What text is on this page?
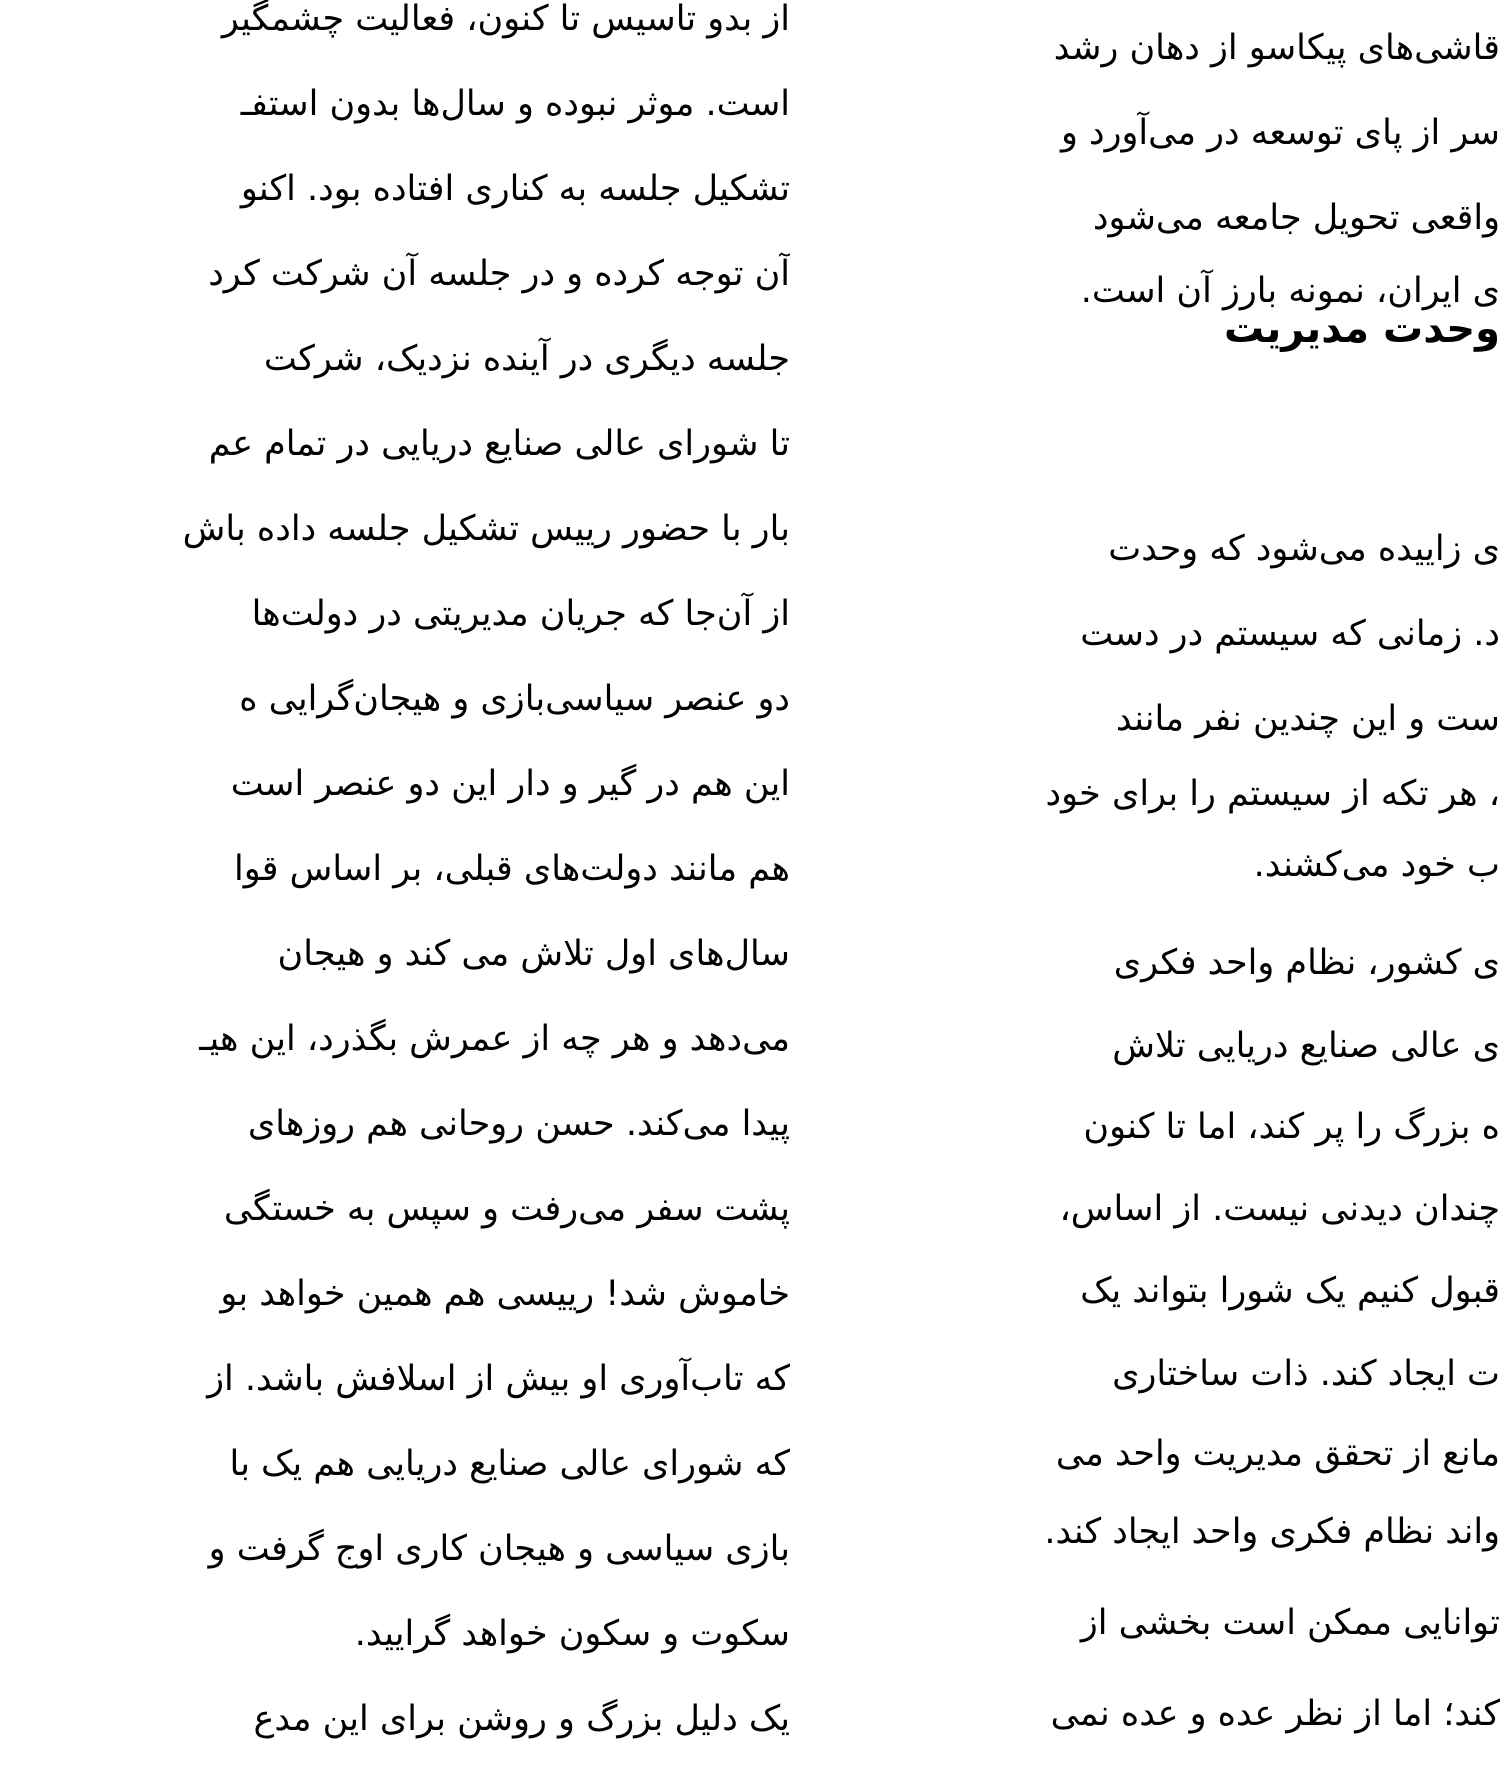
از بدو تاسیس تا کنون، فعالیت چشمگیر
است. موثر نبوده و سال‌ها بدون استفـ
تشکیل جلسه به کناری افتاده بود. اکنو
آن توجه کرده و در جلسه آن شرکت کرد
جلسه دیگری در آینده نزدیک، شرکت
تا شورای عالی صنایع دریایی در تمام عم
بار با حضور رییس تشکیل جلسه داده باش
از آن‌جا که جریان مدیریتی در دولت‌ها
دو عنصر سیاسی‌بازی و هیجان‌گرایی ه
این هم در گیر و دار این دو عنصر است
هم مانند دولت‌های قبلی، بر اساس قوا
سال‌های اول تلاش می کند و هیجان
می‌دهد و هر چه از عمرش بگذرد، این هیـ
پیدا می‌کند. حسن روحانی هم روزهای
پشت سفر می‌رفت و سپس به خستگی
خاموش شد! رییسی هم همین خواهد بو
که تاب‌آوری او بیش از اسلافش باشد. از
که شورای عالی صنایع دریایی هم یک با
بازی سیاسی و هیجان کاری اوج گرفت و
سکوت و سکون خواهد گرایید.
یک دلیل بزرگ و روشن برای این مدع
قاشی‌های پیکاسو از دهان رشد
سر از پای توسعه در می‌آورد و
واقعی تحویل جامعه می‌شود
ی ایران، نمونه بارز آن است.
وحدت مدیریت
ی زاییده می‌شود که وحدت
د. زمانی که سیستم در دست
ست و این چندین نفر مانند
، هر تکه از سیستم را برای خود
ب خود می‌کشند.
ی کشور، نظام واحد فکری
ی عالی صنایع دریایی تلاش
ه بزرگ را پر کند، اما تا کنون
چندان دیدنی نیست. از اساس،
قبول کنیم یک شورا بتواند یک
ت ایجاد کند. ذات ساختاری
مانع از تحقق مدیریت واحد می
واند نظام فکری واحد ایجاد کند.
توانایی ممکن است بخشی از
کند؛ اما از نظر عده و عده نمی
